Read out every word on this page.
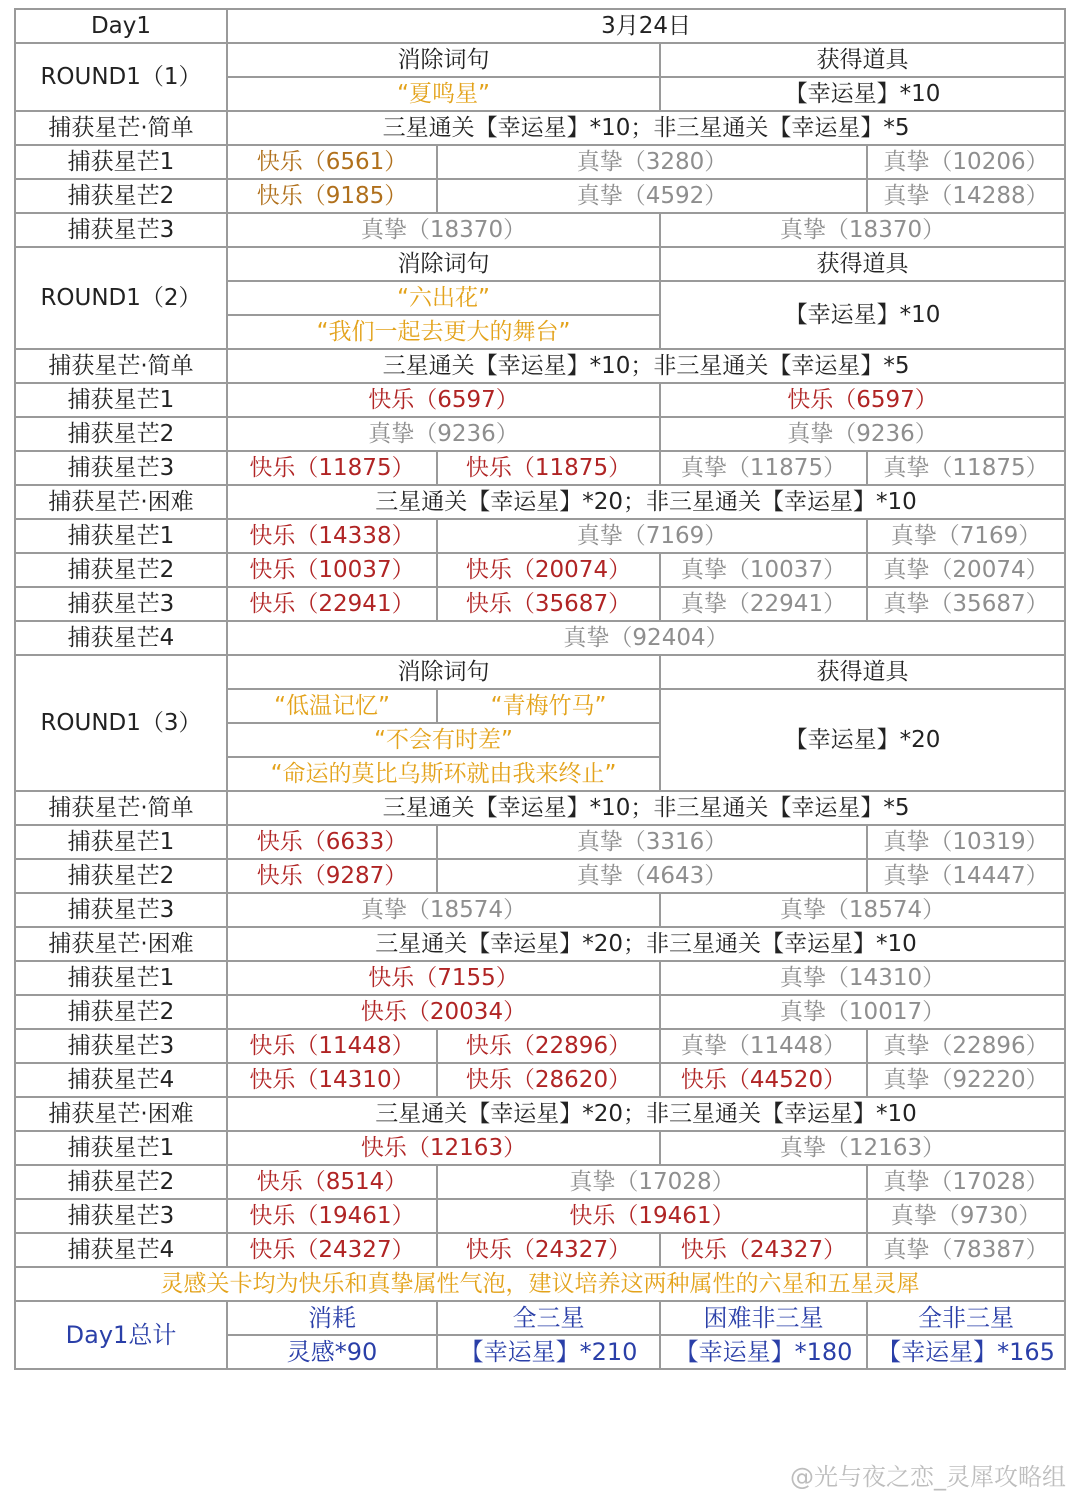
Day1	3月24日			
ROUND1（1）	消除词句		获得道具	
	“夏鸣星”		【幸运星】*10	
捕获星芒·简单	三星通关【幸运星】*10；非三星通关【幸运星】*5			
捕获星芒1	快乐（6561）	真挚（3280）		真挚（10206）
捕获星芒2	快乐（9185）	真挚（4592）		真挚（14288）
捕获星芒3	真挚（18370）		真挚（18370）	
ROUND1（2）	消除词句		获得道具	
	“六出花”		【幸运星】*10	
	“我们一起去更大的舞台”			
捕获星芒·简单	三星通关【幸运星】*10；非三星通关【幸运星】*5			
捕获星芒1	快乐（6597）		快乐（6597）	
捕获星芒2	真挚（9236）		真挚（9236）	
捕获星芒3	快乐（11875）	快乐（11875）	真挚（11875）	真挚（11875）
捕获星芒·困难	三星通关【幸运星】*20；非三星通关【幸运星】*10			
捕获星芒1	快乐（14338）	真挚（7169）		真挚（7169）
捕获星芒2	快乐（10037）	快乐（20074）	真挚（10037）	真挚（20074）
捕获星芒3	快乐（22941）	快乐（35687）	真挚（22941）	真挚（35687）
捕获星芒4	真挚（92404）			
ROUND1（3）	消除词句		获得道具	
	“低温记忆”	“青梅竹马”	【幸运星】*20	
	“不会有时差”			
	“命运的莫比乌斯环就由我来终止”			
捕获星芒·简单	三星通关【幸运星】*10；非三星通关【幸运星】*5			
捕获星芒1	快乐（6633）	真挚（3316）		真挚（10319）
捕获星芒2	快乐（9287）	真挚（4643）		真挚（14447）
捕获星芒3	真挚（18574）		真挚（18574）	
捕获星芒·困难	三星通关【幸运星】*20；非三星通关【幸运星】*10			
捕获星芒1	快乐（7155）		真挚（14310）	
捕获星芒2	快乐（20034）		真挚（10017）	
捕获星芒3	快乐（11448）	快乐（22896）	真挚（11448）	真挚（22896）
捕获星芒4	快乐（14310）	快乐（28620）	快乐（44520）	真挚（92220）
捕获星芒·困难	三星通关【幸运星】*20；非三星通关【幸运星】*10			
捕获星芒1	快乐（12163）		真挚（12163）	
捕获星芒2	快乐（8514）	真挚（17028）		真挚（17028）
捕获星芒3	快乐（19461）	快乐（19461）		真挚（9730）
捕获星芒4	快乐（24327）	快乐（24327）	快乐（24327）	真挚（78387）
灵感关卡均为快乐和真挚属性气泡，建议培养这两种属性的六星和五星灵犀				
Day1总计	消耗	全三星	困难非三星	全非三星
	灵感*90	【幸运星】*210	【幸运星】*180	【幸运星】*165
@光与夜之恋_灵犀攻略组
